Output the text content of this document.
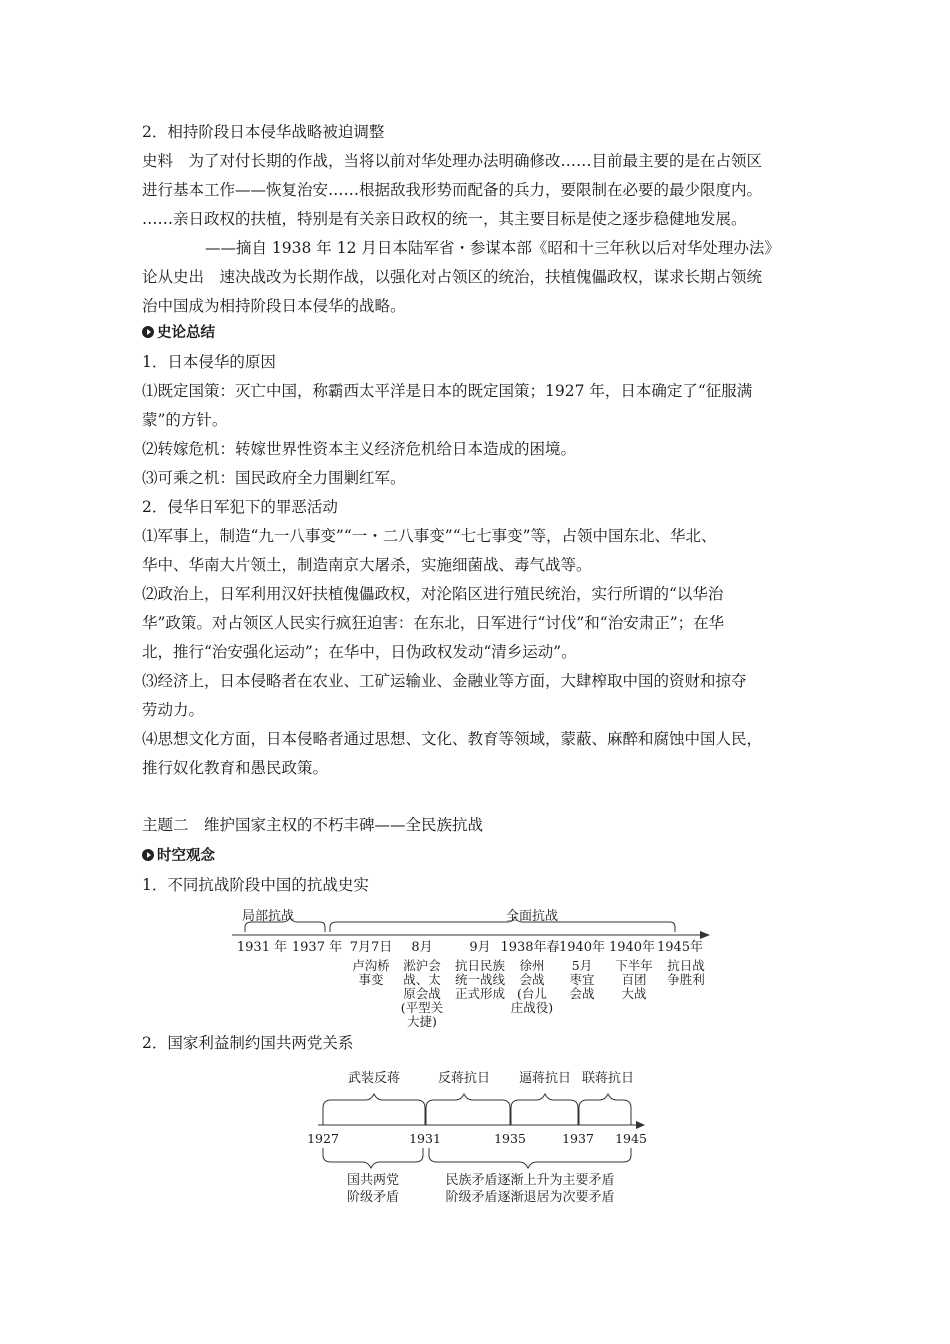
2．相持阶段日本侵华战略被迫调整
史料　为了对付长期的作战，当将以前对华处理办法明确修改……目前最主要的是在占领区
进行基本工作——恢复治安……根据敌我形势而配备的兵力，要限制在必要的最少限度内。
……亲日政权的扶植，特别是有关亲日政权的统一，其主要目标是使之逐步稳健地发展。
——摘自 1938 年 12 月日本陆军省・参谋本部《昭和十三年秋以后对华处理办法》
论从史出　速决战改为长期作战，以强化对占领区的统治，扶植傀儡政权，谋求长期占领统
治中国成为相持阶段日本侵华的战略。
史论总结
1．日本侵华的原因
⑴既定国策：灭亡中国，称霸西太平洋是日本的既定国策；1927 年，日本确定了“征服满
蒙”的方针。
⑵转嫁危机：转嫁世界性资本主义经济危机给日本造成的困境。
⑶可乘之机：国民政府全力围剿红军。
2．侵华日军犯下的罪恶活动
⑴军事上，制造“九一八事变”“一・二八事变”“七七事变”等，占领中国东北、华北、
华中、华南大片领土，制造南京大屠杀，实施细菌战、毒气战等。
⑵政治上，日军利用汉奸扶植傀儡政权，对沦陷区进行殖民统治，实行所谓的“以华治
华”政策。对占领区人民实行疯狂迫害：在东北，日军进行“讨伐”和“治安肃正”；在华
北，推行“治安强化运动”；在华中，日伪政权发动“清乡运动”。
⑶经济上，日本侵略者在农业、工矿运输业、金融业等方面，大肆榨取中国的资财和掠夺
劳动力。
⑷思想文化方面，日本侵略者通过思想、文化、教育等领域，蒙蔽、麻醉和腐蚀中国人民，
推行奴化教育和愚民政策。
主题二　维护国家主权的不朽丰碑——全民族抗战
时空观念
1．不同抗战阶段中国的抗战史实
局部抗战	全面抗战
1931 年 1937 年 7月7日 8月	9月 1938年春 1940年 1940年 1945年
卢沟桥
事变
淞沪会
战、太
原会战
(平型关
大捷)
抗日民族
统一战线
正式形成
徐州
会战
(台儿
庄战役)
5月
枣宜
会战
下半年
百团
大战
抗日战
争胜利
2．国家利益制约国共两党关系
武装反蒋	反蒋抗日 逼蒋抗日 联蒋抗日
1927	1931	1935	1937 1945
国共两党
阶级矛盾
民族矛盾逐渐上升为主要矛盾
阶级矛盾逐渐退居为次要矛盾
